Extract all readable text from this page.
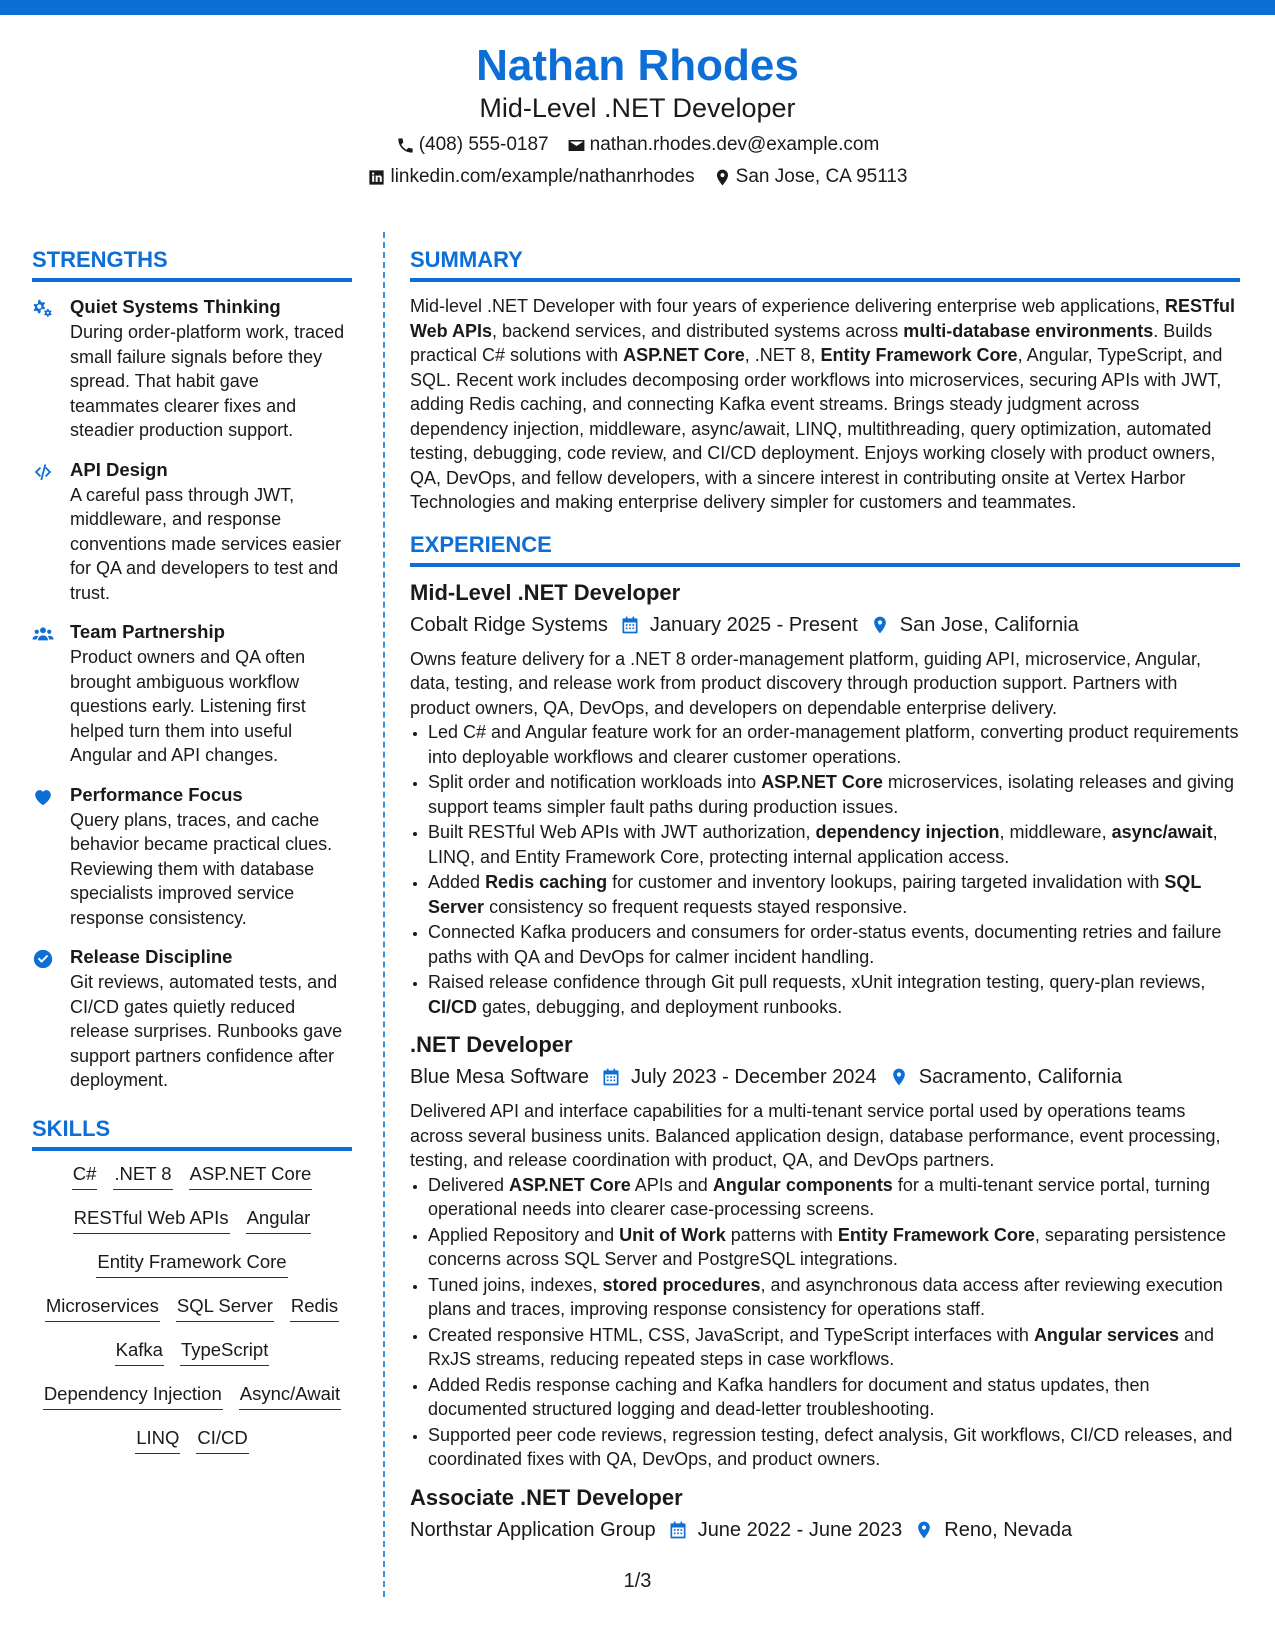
Nathan Rhodes
Mid-Level .NET Developer
(408) 555-0187 nathan.rhodes.dev@example.com
linkedin.com/example/nathanrhodes San Jose, CA 95113
STRENGTHS
Quiet Systems Thinking
During order-platform work, traced small failure signals before they spread. That habit gave teammates clearer fixes and steadier production support.
API Design
A careful pass through JWT, middleware, and response conventions made services easier for QA and developers to test and trust.
Team Partnership
Product owners and QA often brought ambiguous workflow questions early. Listening first helped turn them into useful Angular and API changes.
Performance Focus
Query plans, traces, and cache behavior became practical clues. Reviewing them with database specialists improved service response consistency.
Release Discipline
Git reviews, automated tests, and CI/CD gates quietly reduced release surprises. Runbooks gave support partners confidence after deployment.
SKILLS
C# .NET 8 ASP.NET Core
RESTful Web APIs Angular
Entity Framework Core
Microservices SQL Server Redis
Kafka TypeScript
Dependency Injection Async/Await
LINQ CI/CD
SUMMARY
Mid-level .NET Developer with four years of experience delivering enterprise web applications, RESTful Web APIs, backend services, and distributed systems across multi-database environments. Builds practical C# solutions with ASP.NET Core, .NET 8, Entity Framework Core, Angular, TypeScript, and SQL. Recent work includes decomposing order workflows into microservices, securing APIs with JWT, adding Redis caching, and connecting Kafka event streams. Brings steady judgment across dependency injection, middleware, async/await, LINQ, multithreading, query optimization, automated testing, debugging, code review, and CI/CD deployment. Enjoys working closely with product owners, QA, DevOps, and fellow developers, with a sincere interest in contributing onsite at Vertex Harbor Technologies and making enterprise delivery simpler for customers and teammates.
EXPERIENCE
Mid-Level .NET Developer
Cobalt Ridge Systems January 2025 - Present San Jose, California
Owns feature delivery for a .NET 8 order-management platform, guiding API, microservice, Angular, data, testing, and release work from product discovery through production support. Partners with product owners, QA, DevOps, and developers on dependable enterprise delivery.
• Led C# and Angular feature work for an order-management platform, converting product requirements into deployable workflows and clearer customer operations.
• Split order and notification workloads into ASP.NET Core microservices, isolating releases and giving support teams simpler fault paths during production issues.
• Built RESTful Web APIs with JWT authorization, dependency injection, middleware, async/await, LINQ, and Entity Framework Core, protecting internal application access.
• Added Redis caching for customer and inventory lookups, pairing targeted invalidation with SQL Server consistency so frequent requests stayed responsive.
• Connected Kafka producers and consumers for order-status events, documenting retries and failure paths with QA and DevOps for calmer incident handling.
• Raised release confidence through Git pull requests, xUnit integration testing, query-plan reviews, CI/CD gates, debugging, and deployment runbooks.
.NET Developer
Blue Mesa Software July 2023 - December 2024 Sacramento, California
Delivered API and interface capabilities for a multi-tenant service portal used by operations teams across several business units. Balanced application design, database performance, event processing, testing, and release coordination with product, QA, and DevOps partners.
• Delivered ASP.NET Core APIs and Angular components for a multi-tenant service portal, turning operational needs into clearer case-processing screens.
• Applied Repository and Unit of Work patterns with Entity Framework Core, separating persistence concerns across SQL Server and PostgreSQL integrations.
• Tuned joins, indexes, stored procedures, and asynchronous data access after reviewing execution plans and traces, improving response consistency for operations staff.
• Created responsive HTML, CSS, JavaScript, and TypeScript interfaces with Angular services and RxJS streams, reducing repeated steps in case workflows.
• Added Redis response caching and Kafka handlers for document and status updates, then documented structured logging and dead-letter troubleshooting.
• Supported peer code reviews, regression testing, defect analysis, Git workflows, CI/CD releases, and coordinated fixes with QA, DevOps, and product owners.
Associate .NET Developer
Northstar Application Group June 2022 - June 2023 Reno, Nevada
1/3
